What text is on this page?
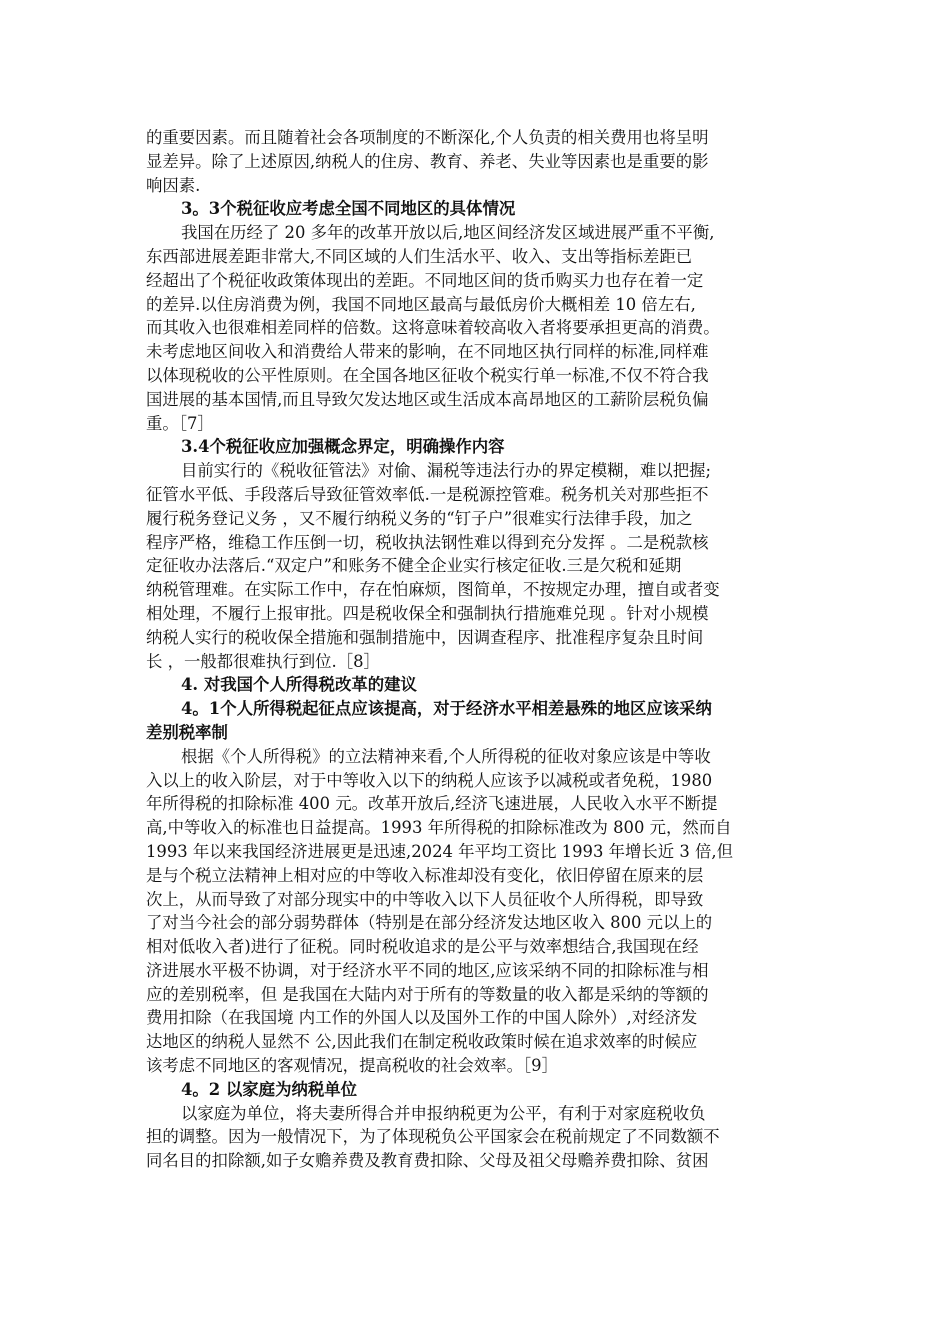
的重要因素。而且随着社会各项制度的不断深化,个人负责的相关费用也将呈明
显差异。除了上述原因,纳税人的住房、教育、养老、失业等因素也是重要的影
响因素.
3。3个税征收应考虑全国不同地区的具体情况
我国在历经了 20 多年的改革开放以后,地区间经济发区域进展严重不平衡,
东西部进展差距非常大,不同区域的人们生活水平、收入、支出等指标差距已
经超出了个税征收政策体现出的差距。不同地区间的货币购买力也存在着一定
的差异.以住房消费为例，我国不同地区最高与最低房价大概相差 10 倍左右,
而其收入也很难相差同样的倍数。这将意味着较高收入者将要承担更高的消费。
未考虑地区间收入和消费给人带来的影响，在不同地区执行同样的标准,同样难
以体现税收的公平性原则。在全国各地区征收个税实行单一标准,不仅不符合我
国进展的基本国情,而且导致欠发达地区或生活成本高昂地区的工薪阶层税负偏
重。［7］
3.4个税征收应加强概念界定，明确操作内容
目前实行的《税收征管法》对偷、漏税等违法行办的界定模糊，难以把握;
征管水平低、手段落后导致征管效率低.一是税源控管难。税务机关对那些拒不
履行税务登记义务 ，又不履行纳税义务的“钉子户”很难实行法律手段，加之
程序严格，维稳工作压倒一切，税收执法钢性难以得到充分发挥 。二是税款核
定征收办法落后.“双定户”和账务不健全企业实行核定征收.三是欠税和延期
纳税管理难。在实际工作中，存在怕麻烦，图简单，不按规定办理，擅自或者变
相处理，不履行上报审批。四是税收保全和强制执行措施难兑现 。针对小规模
纳税人实行的税收保全措施和强制措施中，因调查程序、批准程序复杂且时间
长 ，一般都很难执行到位.［8］
4. 对我国个人所得税改革的建议
4。1个人所得税起征点应该提高，对于经济水平相差悬殊的地区应该采纳
差别税率制
根据《个人所得税》的立法精神来看,个人所得税的征收对象应该是中等收
入以上的收入阶层，对于中等收入以下的纳税人应该予以减税或者免税，1980
年所得税的扣除标准 400 元。改革开放后,经济飞速进展，人民收入水平不断提
高,中等收入的标准也日益提高。1993 年所得税的扣除标准改为 800 元，然而自
1993 年以来我国经济进展更是迅速,2024 年平均工资比 1993 年增长近 3 倍,但
是与个税立法精神上相对应的中等收入标准却没有变化，依旧停留在原来的层
次上，从而导致了对部分现实中的中等收入以下人员征收个人所得税，即导致
了对当今社会的部分弱势群体（特别是在部分经济发达地区收入 800 元以上的
相对低收入者)进行了征税。同时税收追求的是公平与效率想结合,我国现在经
济进展水平极不协调，对于经济水平不同的地区,应该采纳不同的扣除标准与相
应的差别税率，但 是我国在大陆内对于所有的等数量的收入都是采纳的等额的
费用扣除（在我国境 内工作的外国人以及国外工作的中国人除外）,对经济发
达地区的纳税人显然不 公,因此我们在制定税收政策时候在追求效率的时候应
该考虑不同地区的客观情况，提高税收的社会效率。［9］
4。2 以家庭为纳税单位
以家庭为单位，将夫妻所得合并申报纳税更为公平，有利于对家庭税收负
担的调整。因为一般情况下，为了体现税负公平国家会在税前规定了不同数额不
同名目的扣除额,如子女赡养费及教育费扣除、父母及祖父母赡养费扣除、贫困
